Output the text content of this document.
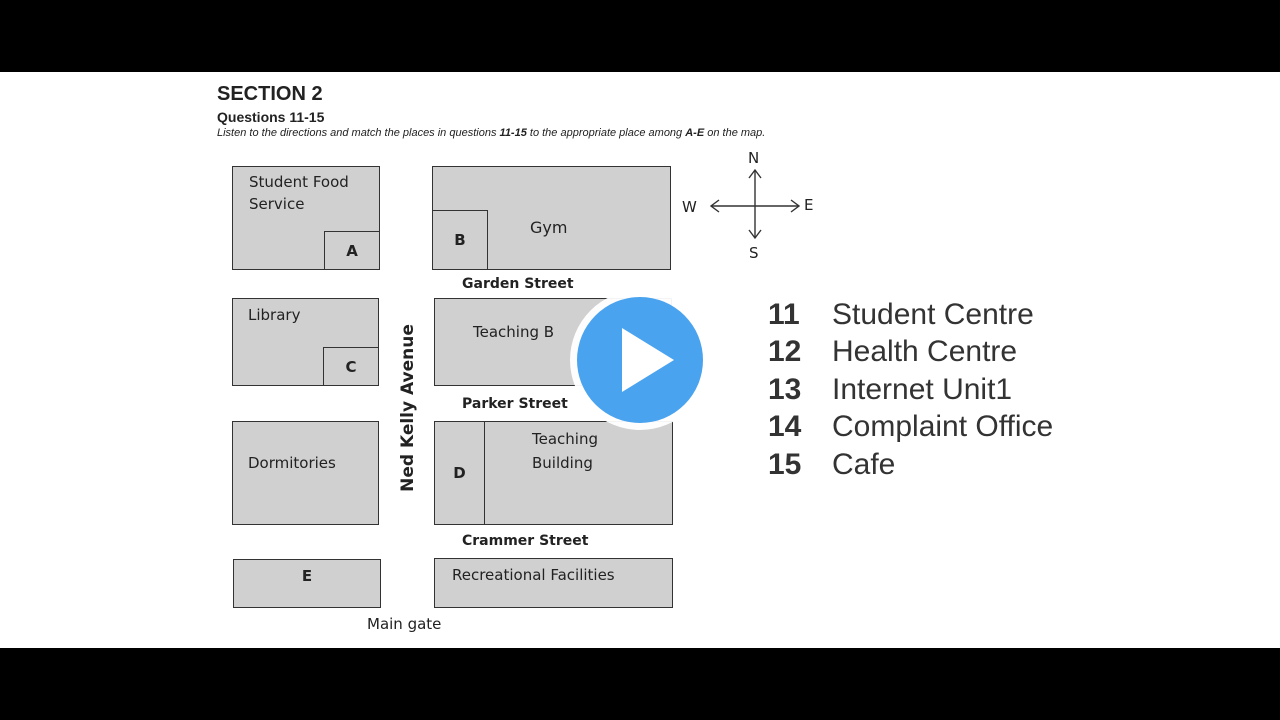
SECTION 2
Questions 11-15
Listen to the directions and match the places in questions 11-15 to the appropriate place among A-E on the map.
Student Food
Service
A
B
Gym
Library
C
Teaching B
Dormitories
D
Teaching
Building
E	Recreational Facilities
Garden Street
Parker Street
Crammer Street
Ned Kelly Avenue
Main gate
N
S
W	E
11	Student Centre
12	Health Centre
13	Internet Unit1
14	Complaint Office
15	Cafe
